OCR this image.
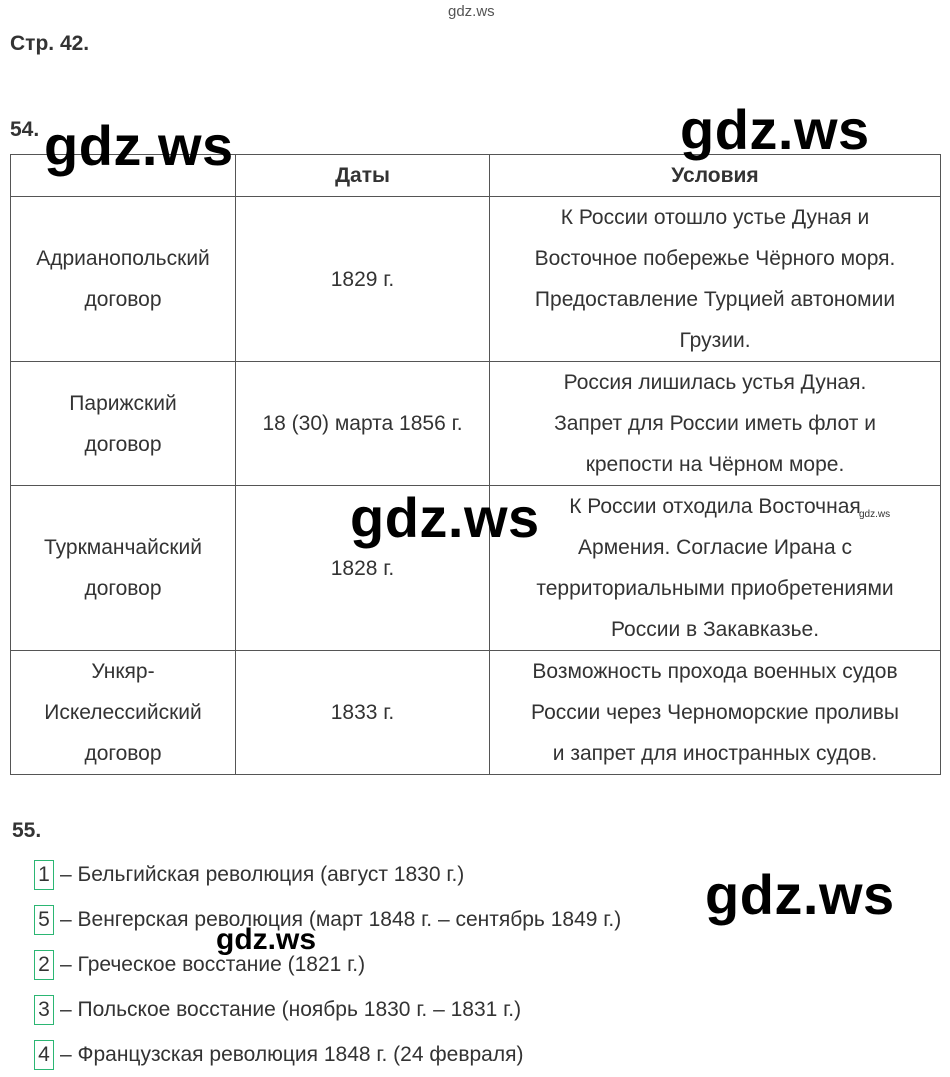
gdz.ws
Стр. 42.
54.
	Даты	Условия
Адрианопольский
договор	1829 г.	К России отошло устье Дуная и
Восточное побережье Чёрного моря.
Предоставление Турцией автономии
Грузии.
Парижский
договор	18 (30) марта 1856 г.	Россия лишилась устья Дуная.
Запрет для России иметь флот и
крепости на Чёрном море.
Туркманчайский
договор	1828 г.	К России отходила Восточная
Армения. Согласие Ирана с
территориальными приобретениями
России в Закавказье.
Ункяр-
Искелессийский
договор	1833 г.	Возможность прохода военных судов
России через Черноморские проливы
и запрет для иностранных судов.
55.
1 – Бельгийская революция (август 1830 г.)
5 – Венгерская революция (март 1848 г. – сентябрь 1849 г.)
2 – Греческое восстание (1821 г.)
3 – Польское восстание (ноябрь 1830 г. – 1831 г.)
4 – Французская революция 1848 г. (24 февраля)
gdz.ws	gdz.ws
gdz.ws	gdz.ws
gdz.ws
gdz.ws
